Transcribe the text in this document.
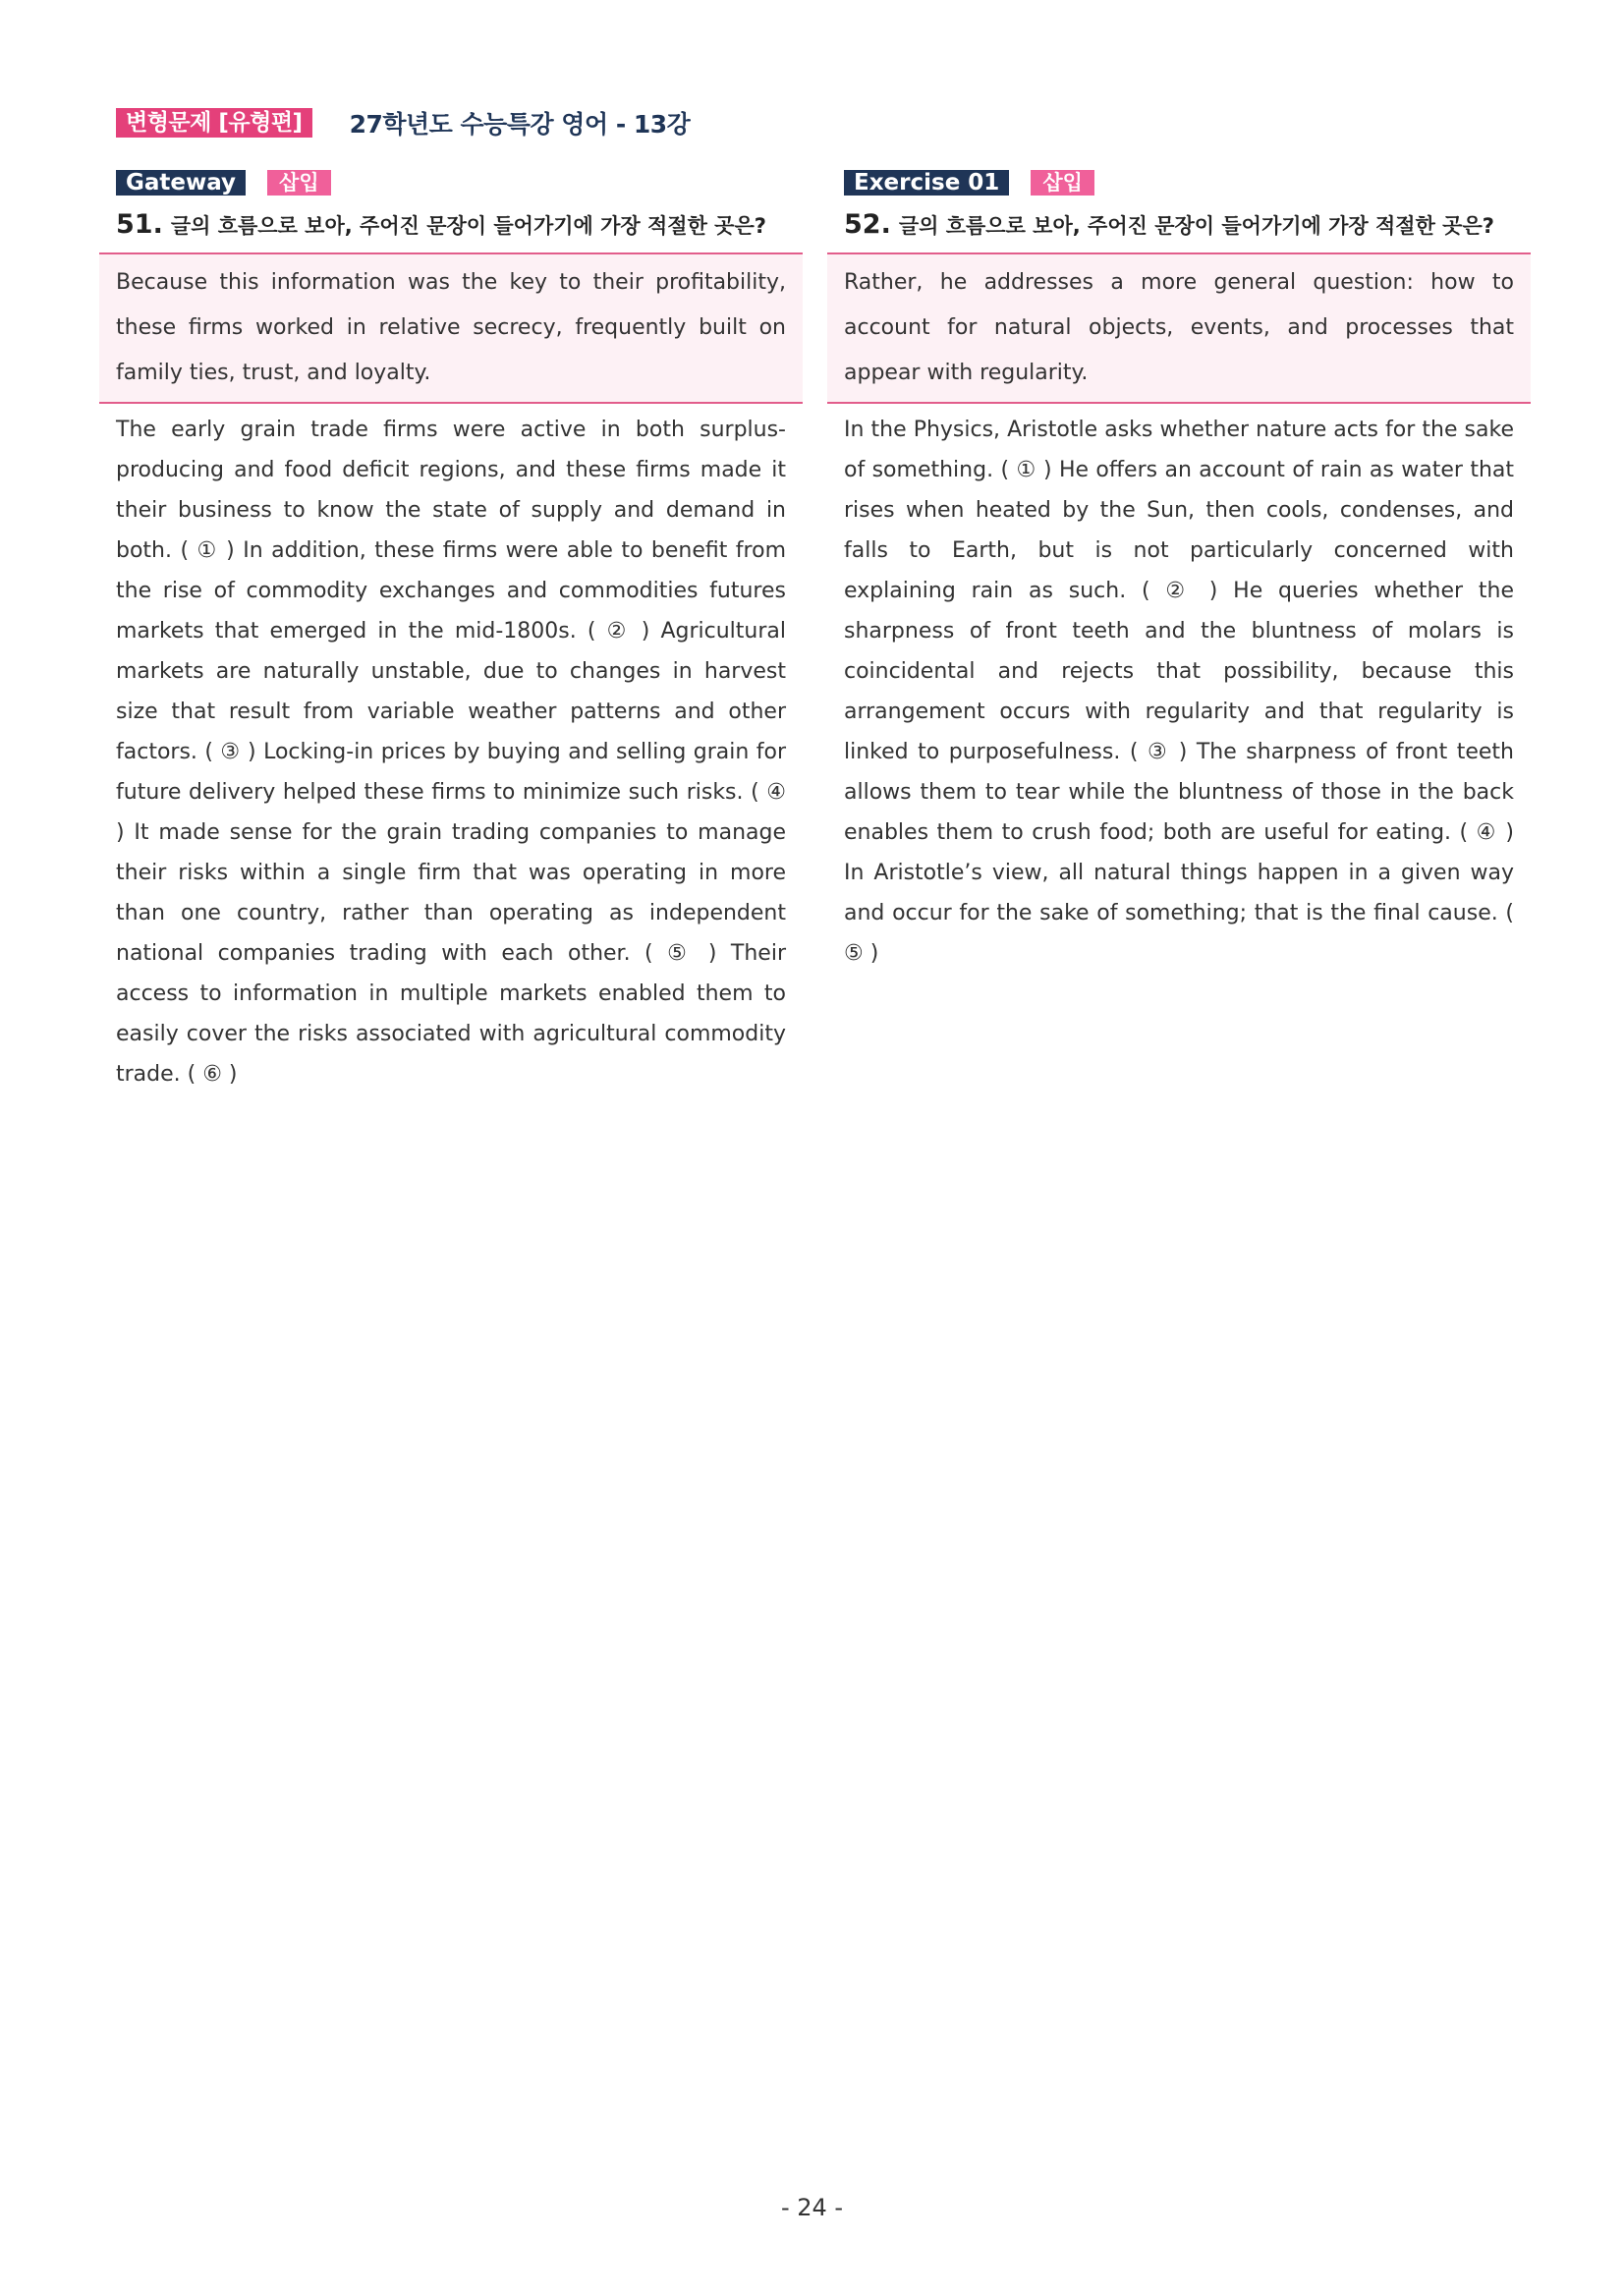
변형문제 [유형편]	27학년도 수능특강 영어 - 13강
Gateway	삽입
51. 글의 흐름으로 보아, 주어진 문장이 들어가기에 가장 적절한 곳은?
Because this information was the key to their profitability, these firms worked in relative secrecy, frequently built on family ties, trust, and loyalty.
The early grain trade firms were active in both surplus-producing and food deficit regions, and these firms made it their business to know the state of supply and demand in both. ( ① ) In addition, these firms were able to benefit from the rise of commodity exchanges and commodities futures markets that emerged in the mid-1800s. ( ② ) Agricultural markets are naturally unstable, due to changes in harvest size that result from variable weather patterns and other factors. ( ③ ) Locking-in prices by buying and selling grain for future delivery helped these firms to minimize such risks. ( ④ ) It made sense for the grain trading companies to manage their risks within a single firm that was operating in more than one country, rather than operating as independent national companies trading with each other. ( ⑤ ) Their access to information in multiple markets enabled them to easily cover the risks associated with agricultural commodity trade. ( ⑥ )
Exercise 01	삽입
52. 글의 흐름으로 보아, 주어진 문장이 들어가기에 가장 적절한 곳은?
Rather, he addresses a more general question: how to account for natural objects, events, and processes that appear with regularity.
In the Physics, Aristotle asks whether nature acts for the sake of something. ( ① ) He offers an account of rain as water that rises when heated by the Sun, then cools, condenses, and falls to Earth, but is not particularly concerned with explaining rain as such. ( ② ) He queries whether the sharpness of front teeth and the bluntness of molars is coincidental and rejects that possibility, because this arrangement occurs with regularity and that regularity is linked to purposefulness. ( ③ ) The sharpness of front teeth allows them to tear while the bluntness of those in the back enables them to crush food; both are useful for eating. ( ④ ) In Aristotle’s view, all natural things happen in a given way and occur for the sake of something; that is the final cause. ( ⑤ )
- 24 -
